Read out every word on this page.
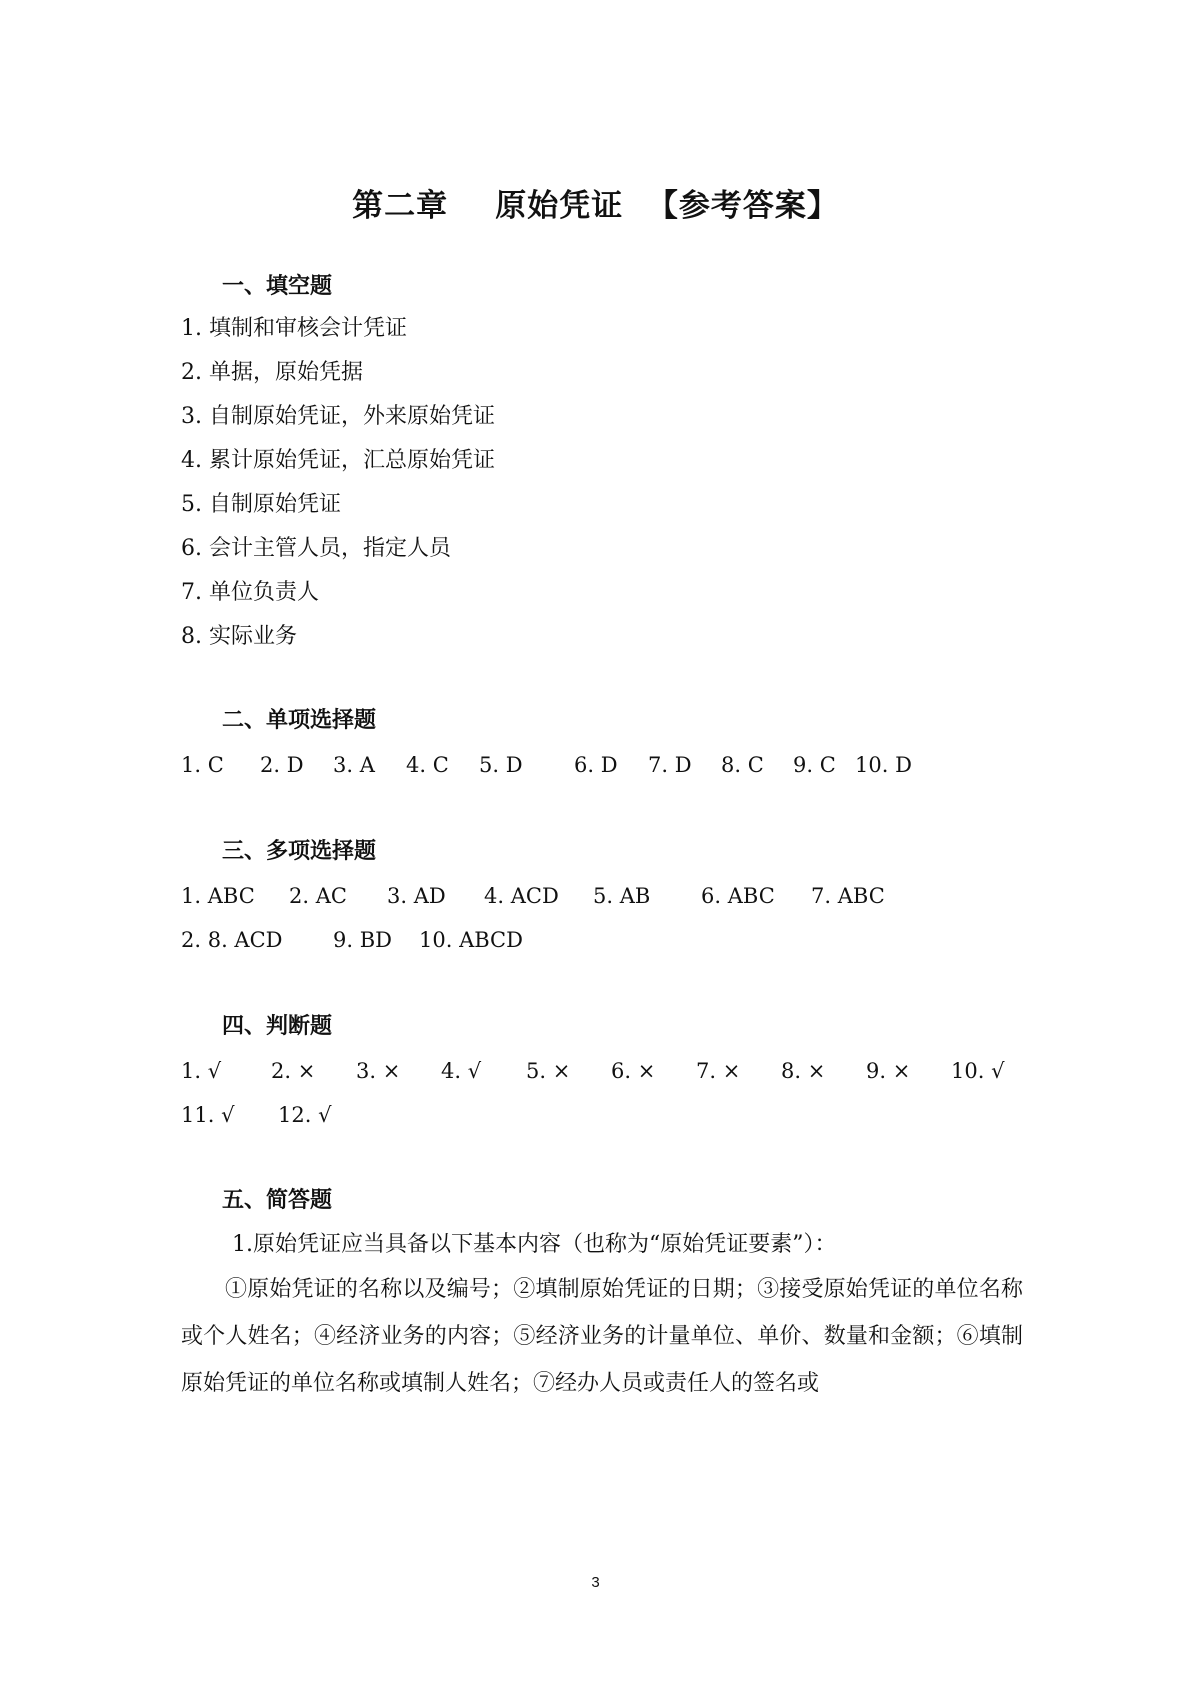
第二章    原始凭证  【参考答案】
一、填空题
1. 填制和审核会计凭证
2. 单据，原始凭据
3. 自制原始凭证，外来原始凭证
4. 累计原始凭证，汇总原始凭证
5. 自制原始凭证
6. 会计主管人员，指定人员
7. 单位负责人
8. 实际业务
二、单项选择题
1. C 2. D 3. A 4. C 5. D 6. D 7. D 8. C 9. C 10. D
三、多项选择题
1. ABC 2. AC 3. AD 4. ACD 5. AB 6. ABC 7. ABC
2. 8. ACD 9. BD 10. ABCD
四、判断题
1. √ 2. × 3. × 4. √ 5. × 6. × 7. × 8. × 9. × 10. √
11. √ 12. √
五、简答题
1.原始凭证应当具备以下基本内容（也称为“原始凭证要素”）：
①原始凭证的名称以及编号；②填制原始凭证的日期；③接受原始凭证的单位名称或个人姓名；④经济业务的内容；⑤经济业务的计量单位、单价、数量和金额；⑥填制原始凭证的单位名称或填制人姓名；⑦经办人员或责任人的签名或
3
